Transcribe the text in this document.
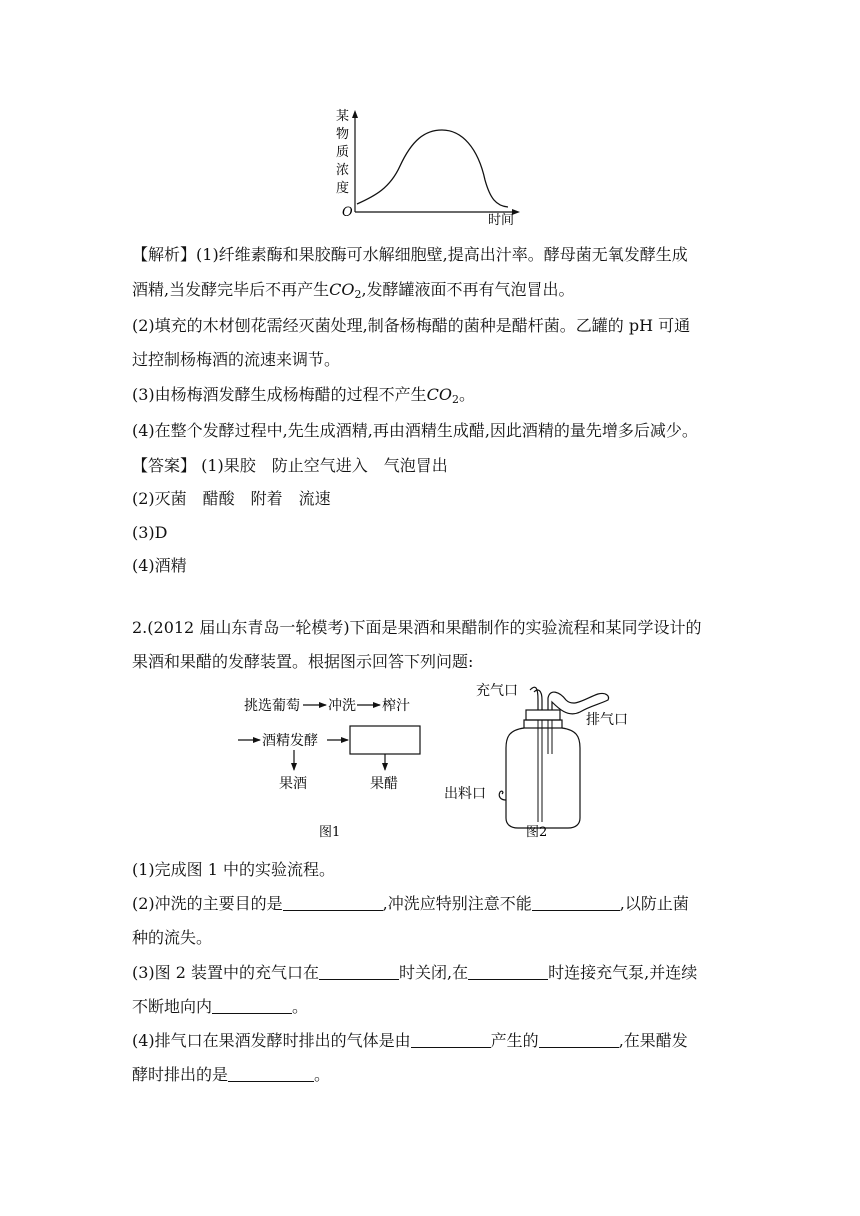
某
物
质
浓
度
O
时间
【解析】(1)纤维素酶和果胶酶可水解细胞壁,提高出汁率。酵母菌无氧发酵生成
酒精,当发酵完毕后不再产生$CO_2$,发酵罐液面不再有气泡冒出。
(2)填充的木材刨花需经灭菌处理,制备杨梅醋的菌种是醋杆菌。乙罐的 pH 可通
过控制杨梅酒的流速来调节。
(3)由杨梅酒发酵生成杨梅醋的过程不产生$CO_2$。
(4)在整个发酵过程中,先生成酒精,再由酒精生成醋,因此酒精的量先增多后减少。
【答案】 (1)果胶　防止空气进入　气泡冒出
(2)灭菌　醋酸　附着　流速
(3)D
(4)酒精
2.(2012 届山东青岛一轮模考)下面是果酒和果醋制作的实验流程和某同学设计的
果酒和果醋的发酵装置。根据图示回答下列问题:
挑选葡萄 冲洗 榨汁
酒精发酵
果酒	果醋
图1
充气口
排气口
出料口
图2
(1)完成图 1 中的实验流程。
(2)冲洗的主要目的是	,冲洗应特别注意不能	,以防止菌
种的流失。
(3)图 2 装置中的充气口在	时关闭,在	时连接充气泵,并连续
不断地向内	。
(4)排气口在果酒发酵时排出的气体是由	产生的	,在果醋发
酵时排出的是	。
